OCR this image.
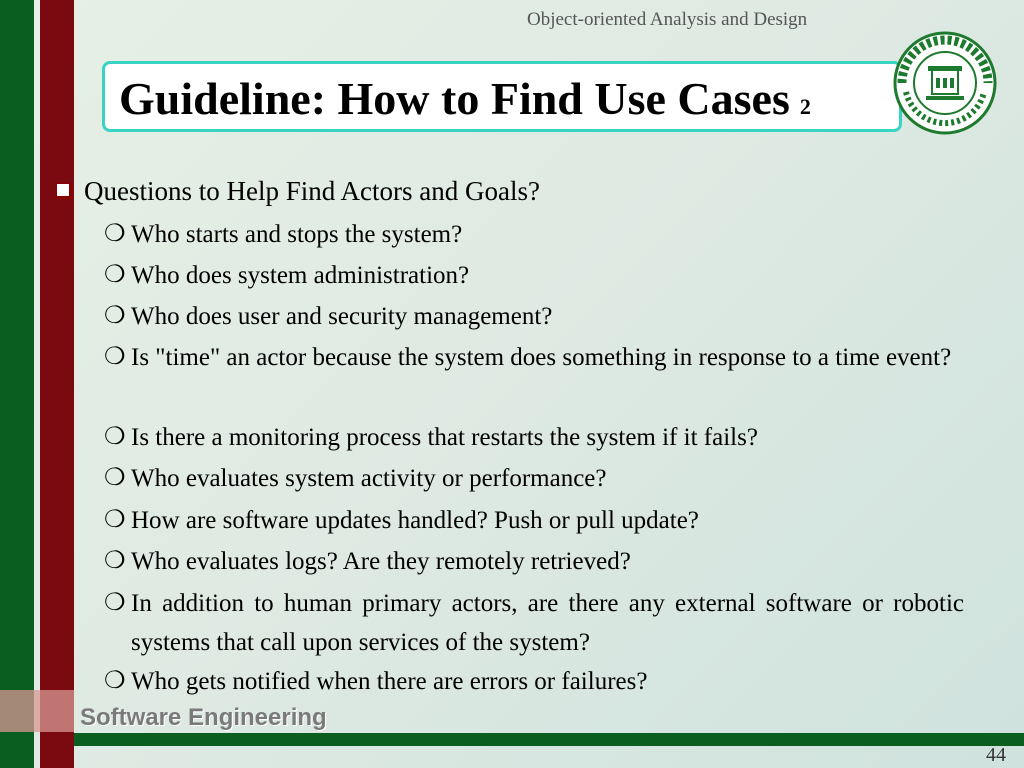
Object-oriented Analysis and Design
Guideline: How to Find Use Cases 2
Questions to Help Find Actors and Goals?
❍ Who starts and stops the system?
❍ Who does system administration?
❍ Who does user and security management?
❍ Is "time" an actor because the system does something in response to a time event?
❍ Is there a monitoring process that restarts the system if it fails?
❍ Who evaluates system activity or performance?
❍ How are software updates handled? Push or pull update?
❍ Who evaluates logs? Are they remotely retrieved?
❍ In addition to human primary actors, are there any external software or robotic systems that call upon services of the system?
❍ Who gets notified when there are errors or failures?
Software Engineering
44
